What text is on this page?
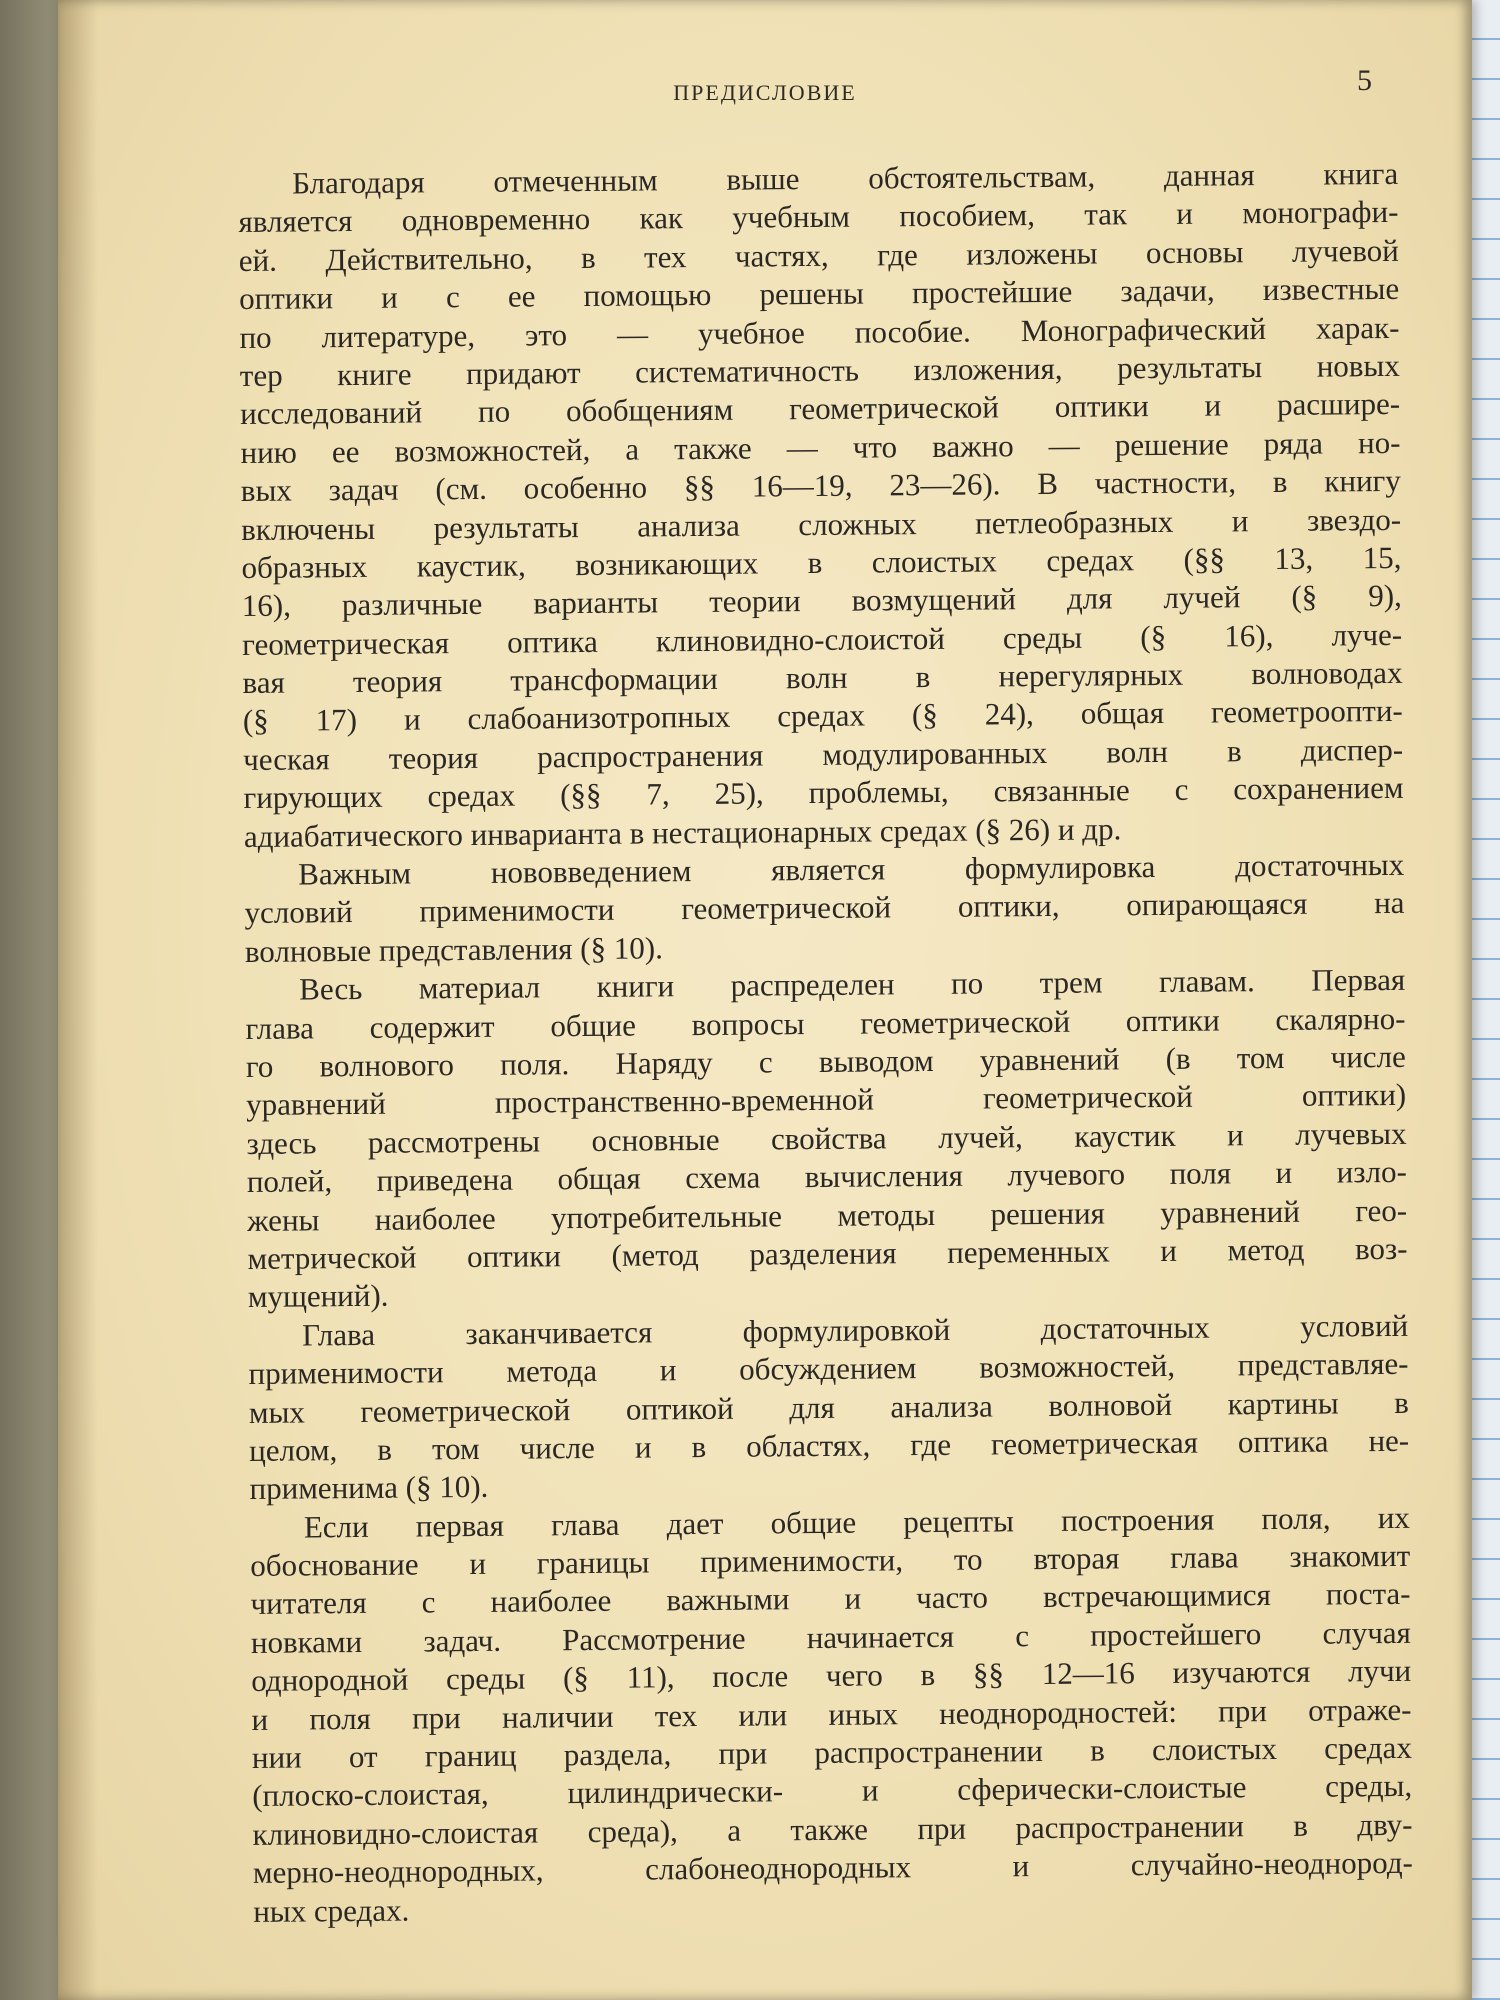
ПРЕДИСЛОВИЕ	5
Благодаря отмеченным выше обстоятельствам, данная книга
является одновременно как учебным пособием, так и монографи-
ей. Действительно, в тех частях, где изложены основы лучевой
оптики и с ее помощью решены простейшие задачи, известные
по литературе, это — учебное пособие. Монографический харак-
тер книге придают систематичность изложения, результаты новых
исследований по обобщениям геометрической оптики и расшире-
нию ее возможностей, а также — что важно — решение ряда но-
вых задач (см. особенно §§ 16—19, 23—26). В частности, в книгу
включены результаты анализа сложных петлеобразных и звездо-
образных каустик, возникающих в слоистых средах (§§ 13, 15,
16), различные варианты теории возмущений для лучей (§ 9),
геометрическая оптика клиновидно-слоистой среды (§ 16), луче-
вая теория трансформации волн в нерегулярных волноводах
(§ 17) и слабоанизотропных средах (§ 24), общая геометроопти-
ческая теория распространения модулированных волн в диспер-
гирующих средах (§§ 7, 25), проблемы, связанные с сохранением
адиабатического инварианта в нестационарных средах (§ 26) и др.
Важным нововведением является формулировка достаточных
условий применимости геометрической оптики, опирающаяся на
волновые представления (§ 10).
Весь материал книги распределен по трем главам. Первая
глава содержит общие вопросы геометрической оптики скалярно-
го волнового поля. Наряду с выводом уравнений (в том числе
уравнений пространственно-временной геометрической оптики)
здесь рассмотрены основные свойства лучей, каустик и лучевых
полей, приведена общая схема вычисления лучевого поля и изло-
жены наиболее употребительные методы решения уравнений гео-
метрической оптики (метод разделения переменных и метод воз-
мущений).
Глава заканчивается формулировкой достаточных условий
применимости метода и обсуждением возможностей, представляе-
мых геометрической оптикой для анализа волновой картины в
целом, в том числе и в областях, где геометрическая оптика не-
применима (§ 10).
Если первая глава дает общие рецепты построения поля, их
обоснование и границы применимости, то вторая глава знакомит
читателя с наиболее важными и часто встречающимися поста-
новками задач. Рассмотрение начинается с простейшего случая
однородной среды (§ 11), после чего в §§ 12—16 изучаются лучи
и поля при наличии тех или иных неоднородностей: при отраже-
нии от границ раздела, при распространении в слоистых средах
(плоско-слоистая, цилиндрически- и сферически-слоистые среды,
клиновидно-слоистая среда), а также при распространении в дву-
мерно-неоднородных, слабонеоднородных и случайно-неоднород-
ных средах.
